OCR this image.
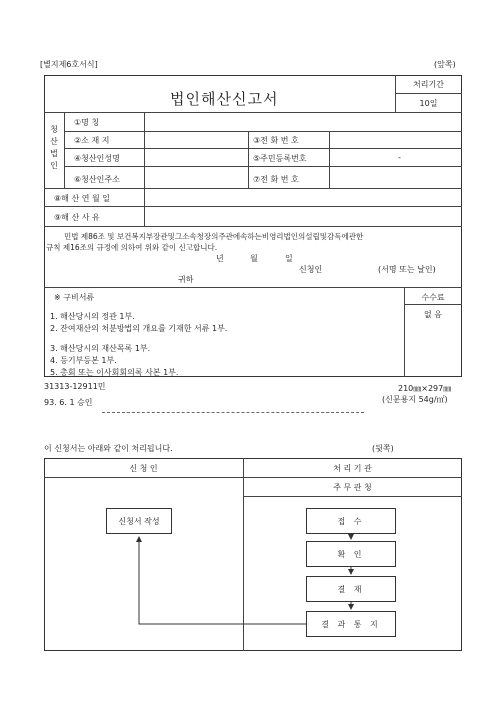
[별지제6호서식]	(앞쪽)
법인해산신고서
처리기간
10일
청
산
법
인
①명 칭
②소 재 지	③전 화 번 호
④청산인성명	⑤주민등록번호	-
⑥청산인주소	⑦전 화 번 호
⑧해 산 연 월 일
⑨해 산 사 유
민법 제86조 및 보건복지부장관및그소속청장의주관에속하는비영리법인의설립및감독에관한
규칙 제16조의 규정에 의하여 위와 같이 신고합니다.
년	월	일
신청인	(서명 또는 날인)
귀하
※ 구비서류	수수료
없 음
1. 해산당시의 정관 1부.
2. 잔여재산의 처분방법의 개요를 기재한 서류 1부.
3. 해산당시의 재산목록 1부.
4. 등기부등본 1부.
5. 총회 또는 이사회회의록 사본 1부.
31313-12911민
93. 6. 1 승인
210㎜×297㎜
(신문용지 54g/㎡)
이 신청서는 아래와 같이 처리됩니다.	(뒷쪽)
신 청 인	처 리 기 관
주 무 관 청
신청서 작성	접 수
확 인
결 재
결 과 통 지
